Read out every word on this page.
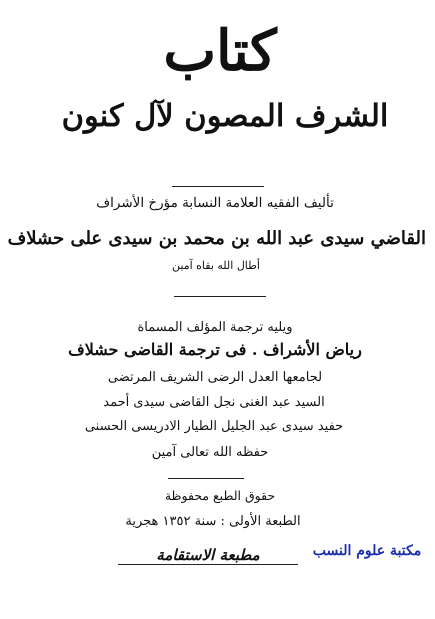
كتاب
الشرف المصون لآل كنون
تأليف الفقيه العلامة النسابة مؤرخ الأشراف
القاضي سيدى عبد الله بن محمد بن سيدى على حشلاف
أطال الله بقاه آمين
ويليه ترجمة المؤلف المسماة
رياض الأشراف . فى ترجمة القاضى حشلاف
لجامعها العدل الرضى الشريف المرتضى
السيد عبد الغنى نجل القاضى سيدى أحمد
حفيد سيدى عبد الجليل الطيار الادريسى الحسنى
حفظه الله تعالى آمين
حقوق الطبع محفوظة
الطبعة الأولى : سنة ١٣٥٢ هجرية
مكتبة علوم النسب
مطبعة الاستقامة
